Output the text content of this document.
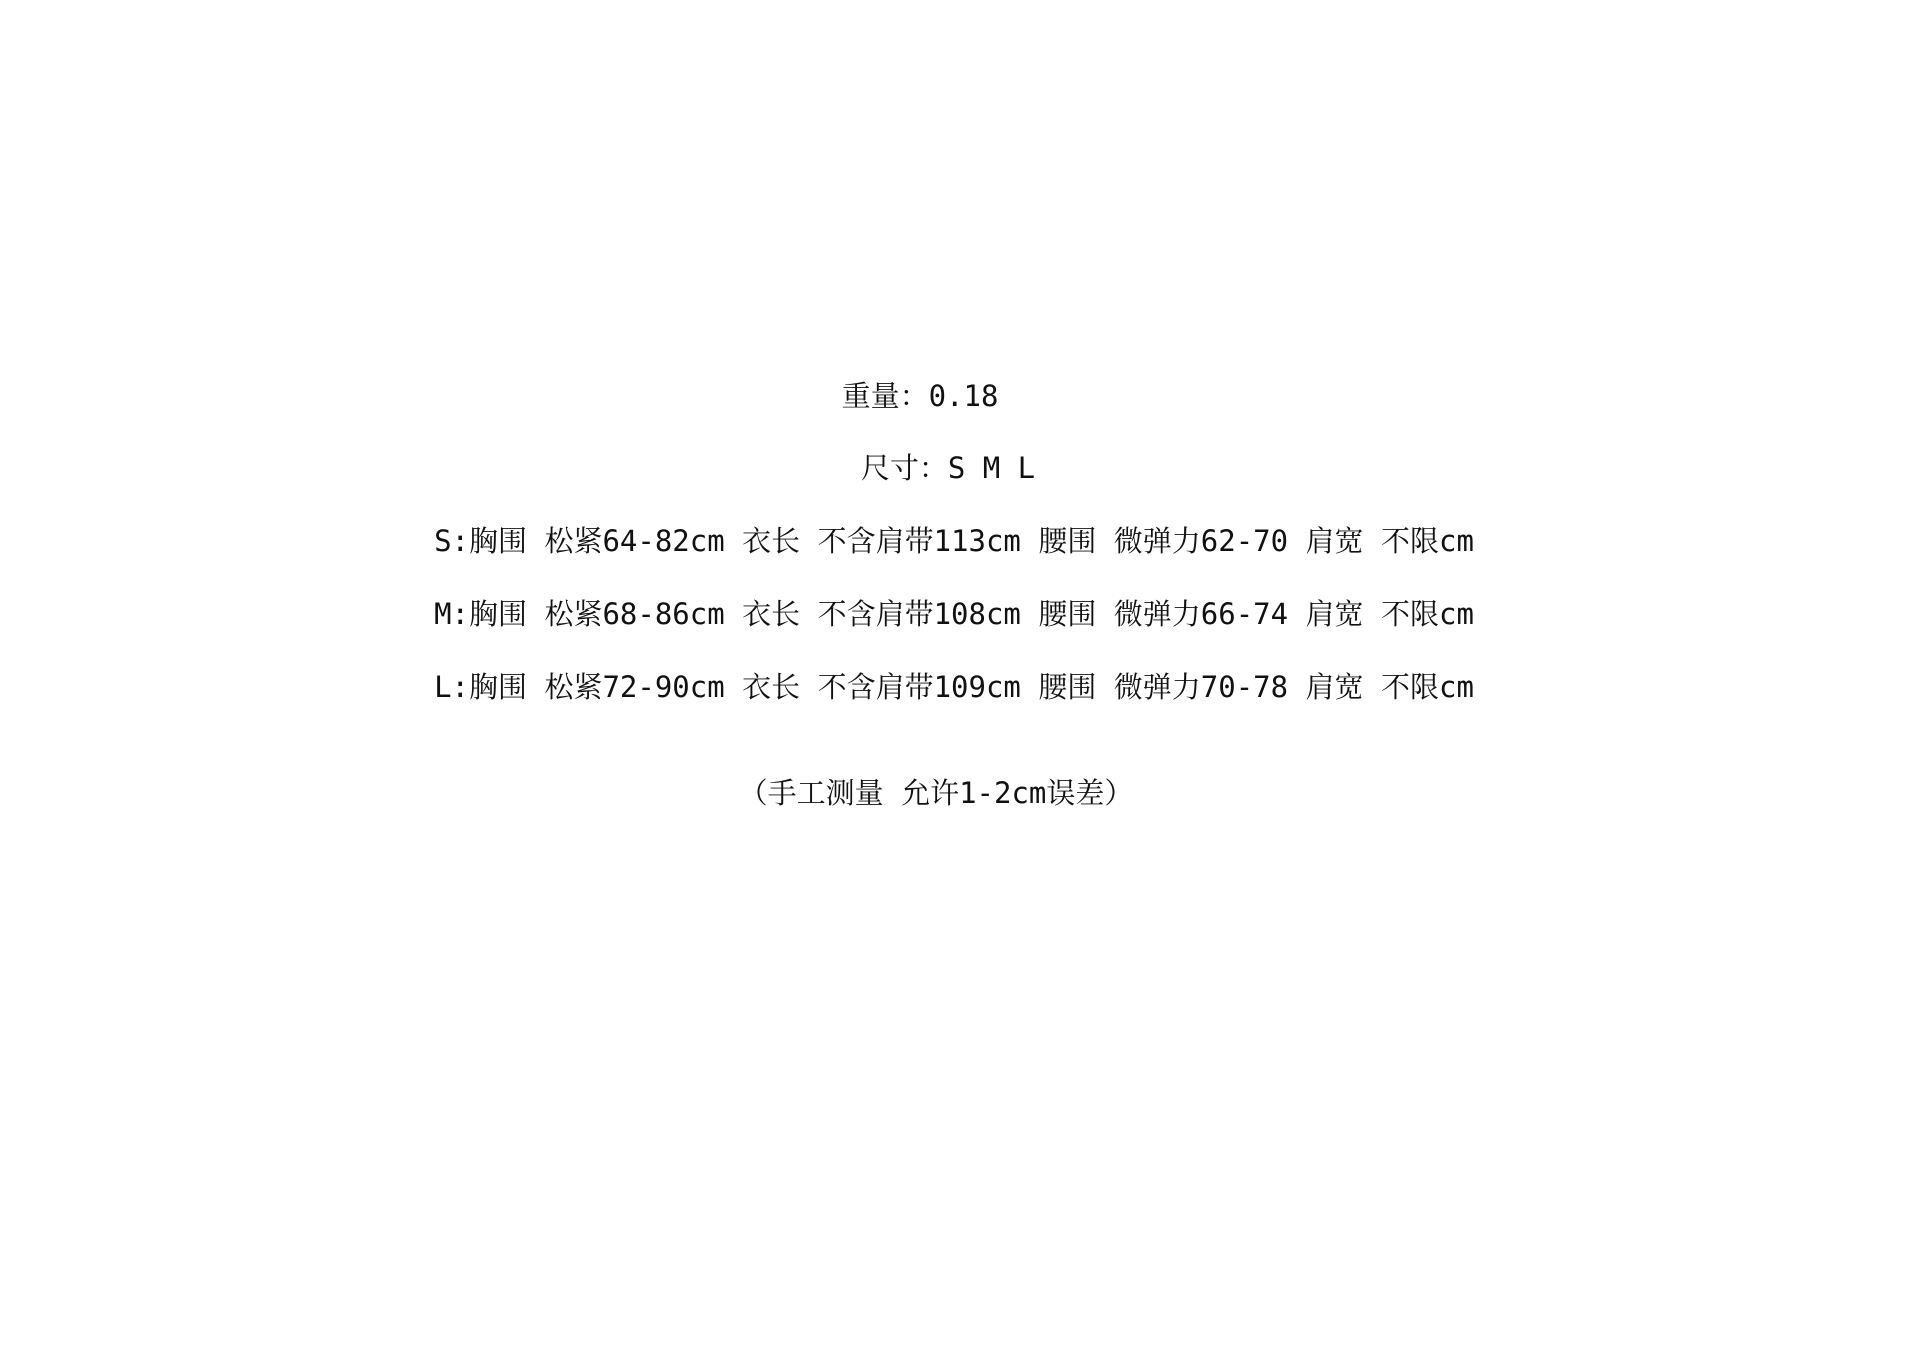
重量：0.18
尺寸：S M L
S:胸围 松紧64-82cm 衣长 不含肩带113cm 腰围 微弹力62-70 肩宽 不限cm
M:胸围 松紧68-86cm 衣长 不含肩带108cm 腰围 微弹力66-74 肩宽 不限cm
L:胸围 松紧72-90cm 衣长 不含肩带109cm 腰围 微弹力70-78 肩宽 不限cm
（手工测量 允许1-2cm误差）
